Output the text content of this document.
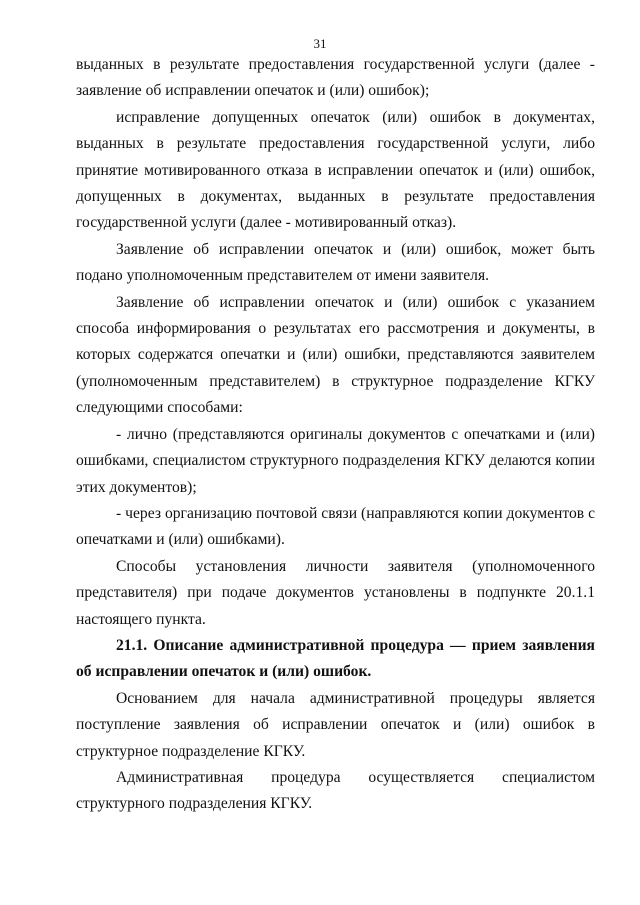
31

выданных в результате предоставления государственной услуги (далее - заявление об исправлении опечаток и (или) ошибок);

исправление допущенных опечаток (или) ошибок в документах, выданных в результате предоставления государственной услуги, либо принятие мотивированного отказа в исправлении опечаток и (или) ошибок, допущенных в документах, выданных в результате предоставления государственной услуги (далее - мотивированный отказ).

Заявление об исправлении опечаток и (или) ошибок, может быть подано уполномоченным представителем от имени заявителя.

Заявление об исправлении опечаток и (или) ошибок с указанием способа информирования о результатах его рассмотрения и документы, в которых содержатся опечатки и (или) ошибки, представляются заявителем (уполномоченным представителем) в структурное подразделение КГКУ следующими способами:

- лично (представляются оригиналы документов с опечатками и (или) ошибками, специалистом структурного подразделения КГКУ делаются копии этих документов);

- через организацию почтовой связи (направляются копии документов с опечатками и (или) ошибками).

Способы установления личности заявителя (уполномоченного представителя) при подаче документов установлены в подпункте 20.1.1 настоящего пункта.

21.1. Описание административной процедура — прием заявления об исправлении опечаток и (или) ошибок.

Основанием для начала административной процедуры является поступление заявления об исправлении опечаток и (или) ошибок в структурное подразделение КГКУ.

Административная процедура осуществляется специалистом структурного подразделения КГКУ.
